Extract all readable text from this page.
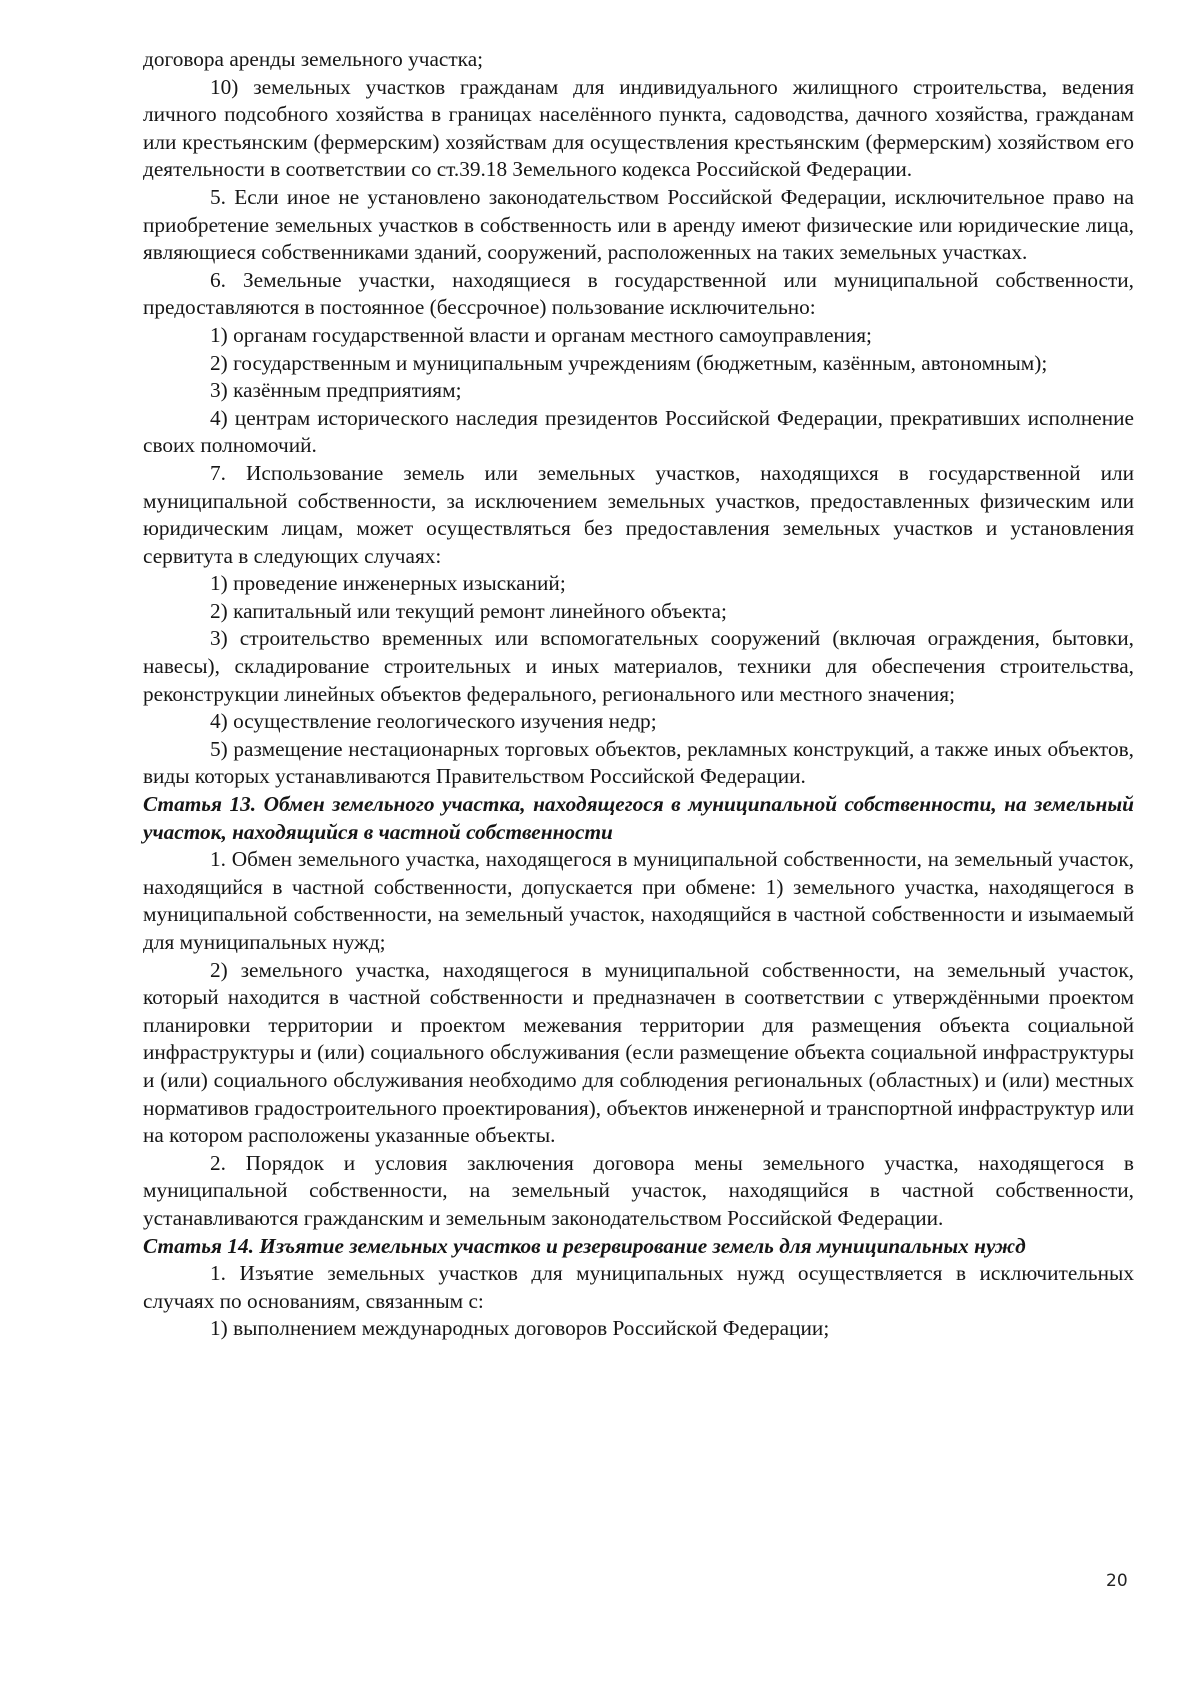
договора аренды земельного участка;

10) земельных участков гражданам для индивидуального жилищного строительства, ведения личного подсобного хозяйства в границах населённого пункта, садоводства, дачного хозяйства, гражданам или крестьянским (фермерским) хозяйствам для осуществления крестьянским (фермерским) хозяйством его деятельности в соответствии со ст.39.18 Земельного кодекса Российской Федерации.

5. Если иное не установлено законодательством Российской Федерации, исключительное право на приобретение земельных участков в собственность или в аренду имеют физические или юридические лица, являющиеся собственниками зданий, сооружений, расположенных на таких земельных участках.

6. Земельные участки, находящиеся в государственной или муниципальной собственности, предоставляются в постоянное (бессрочное) пользование исключительно:

1) органам государственной власти и органам местного самоуправления;

2) государственным и муниципальным учреждениям (бюджетным, казённым, автономным);

3) казённым предприятиям;

4) центрам исторического наследия президентов Российской Федерации, прекративших исполнение своих полномочий.

7. Использование земель или земельных участков, находящихся в государственной или муниципальной собственности, за исключением земельных участков, предоставленных физическим или юридическим лицам, может осуществляться без предоставления земельных участков и установления сервитута в следующих случаях:

1) проведение инженерных изысканий;

2) капитальный или текущий ремонт линейного объекта;

3) строительство временных или вспомогательных сооружений (включая ограждения, бытовки, навесы), складирование строительных и иных материалов, техники для обеспечения строительства, реконструкции линейных объектов федерального, регионального или местного значения;

4) осуществление геологического изучения недр;

5) размещение нестационарных торговых объектов, рекламных конструкций, а также иных объектов, виды которых устанавливаются Правительством Российской Федерации.

Статья 13. Обмен земельного участка, находящегося в муниципальной собственности, на земельный участок, находящийся в частной собственности

1. Обмен земельного участка, находящегося в муниципальной собственности, на земельный участок, находящийся в частной собственности, допускается при обмене: 1) земельного участка, находящегося в муниципальной собственности, на земельный участок, находящийся в частной собственности и изымаемый для муниципальных нужд;

2) земельного участка, находящегося в муниципальной собственности, на земельный участок, который находится в частной собственности и предназначен в соответствии с утверждёнными проектом планировки территории и проектом межевания территории для размещения объекта социальной инфраструктуры и (или) социального обслуживания (если размещение объекта социальной инфраструктуры и (или) социального обслуживания необходимо для соблюдения региональных (областных) и (или) местных нормативов градостроительного проектирования), объектов инженерной и транспортной инфраструктур или на котором расположены указанные объекты.

2. Порядок и условия заключения договора мены земельного участка, находящегося в муниципальной собственности, на земельный участок, находящийся в частной собственности, устанавливаются гражданским и земельным законодательством Российской Федерации.

Статья 14. Изъятие земельных участков и резервирование земель для муниципальных нужд

1. Изъятие земельных участков для муниципальных нужд осуществляется в исключительных случаях по основаниям, связанным с:

1) выполнением международных договоров Российской Федерации;

20
